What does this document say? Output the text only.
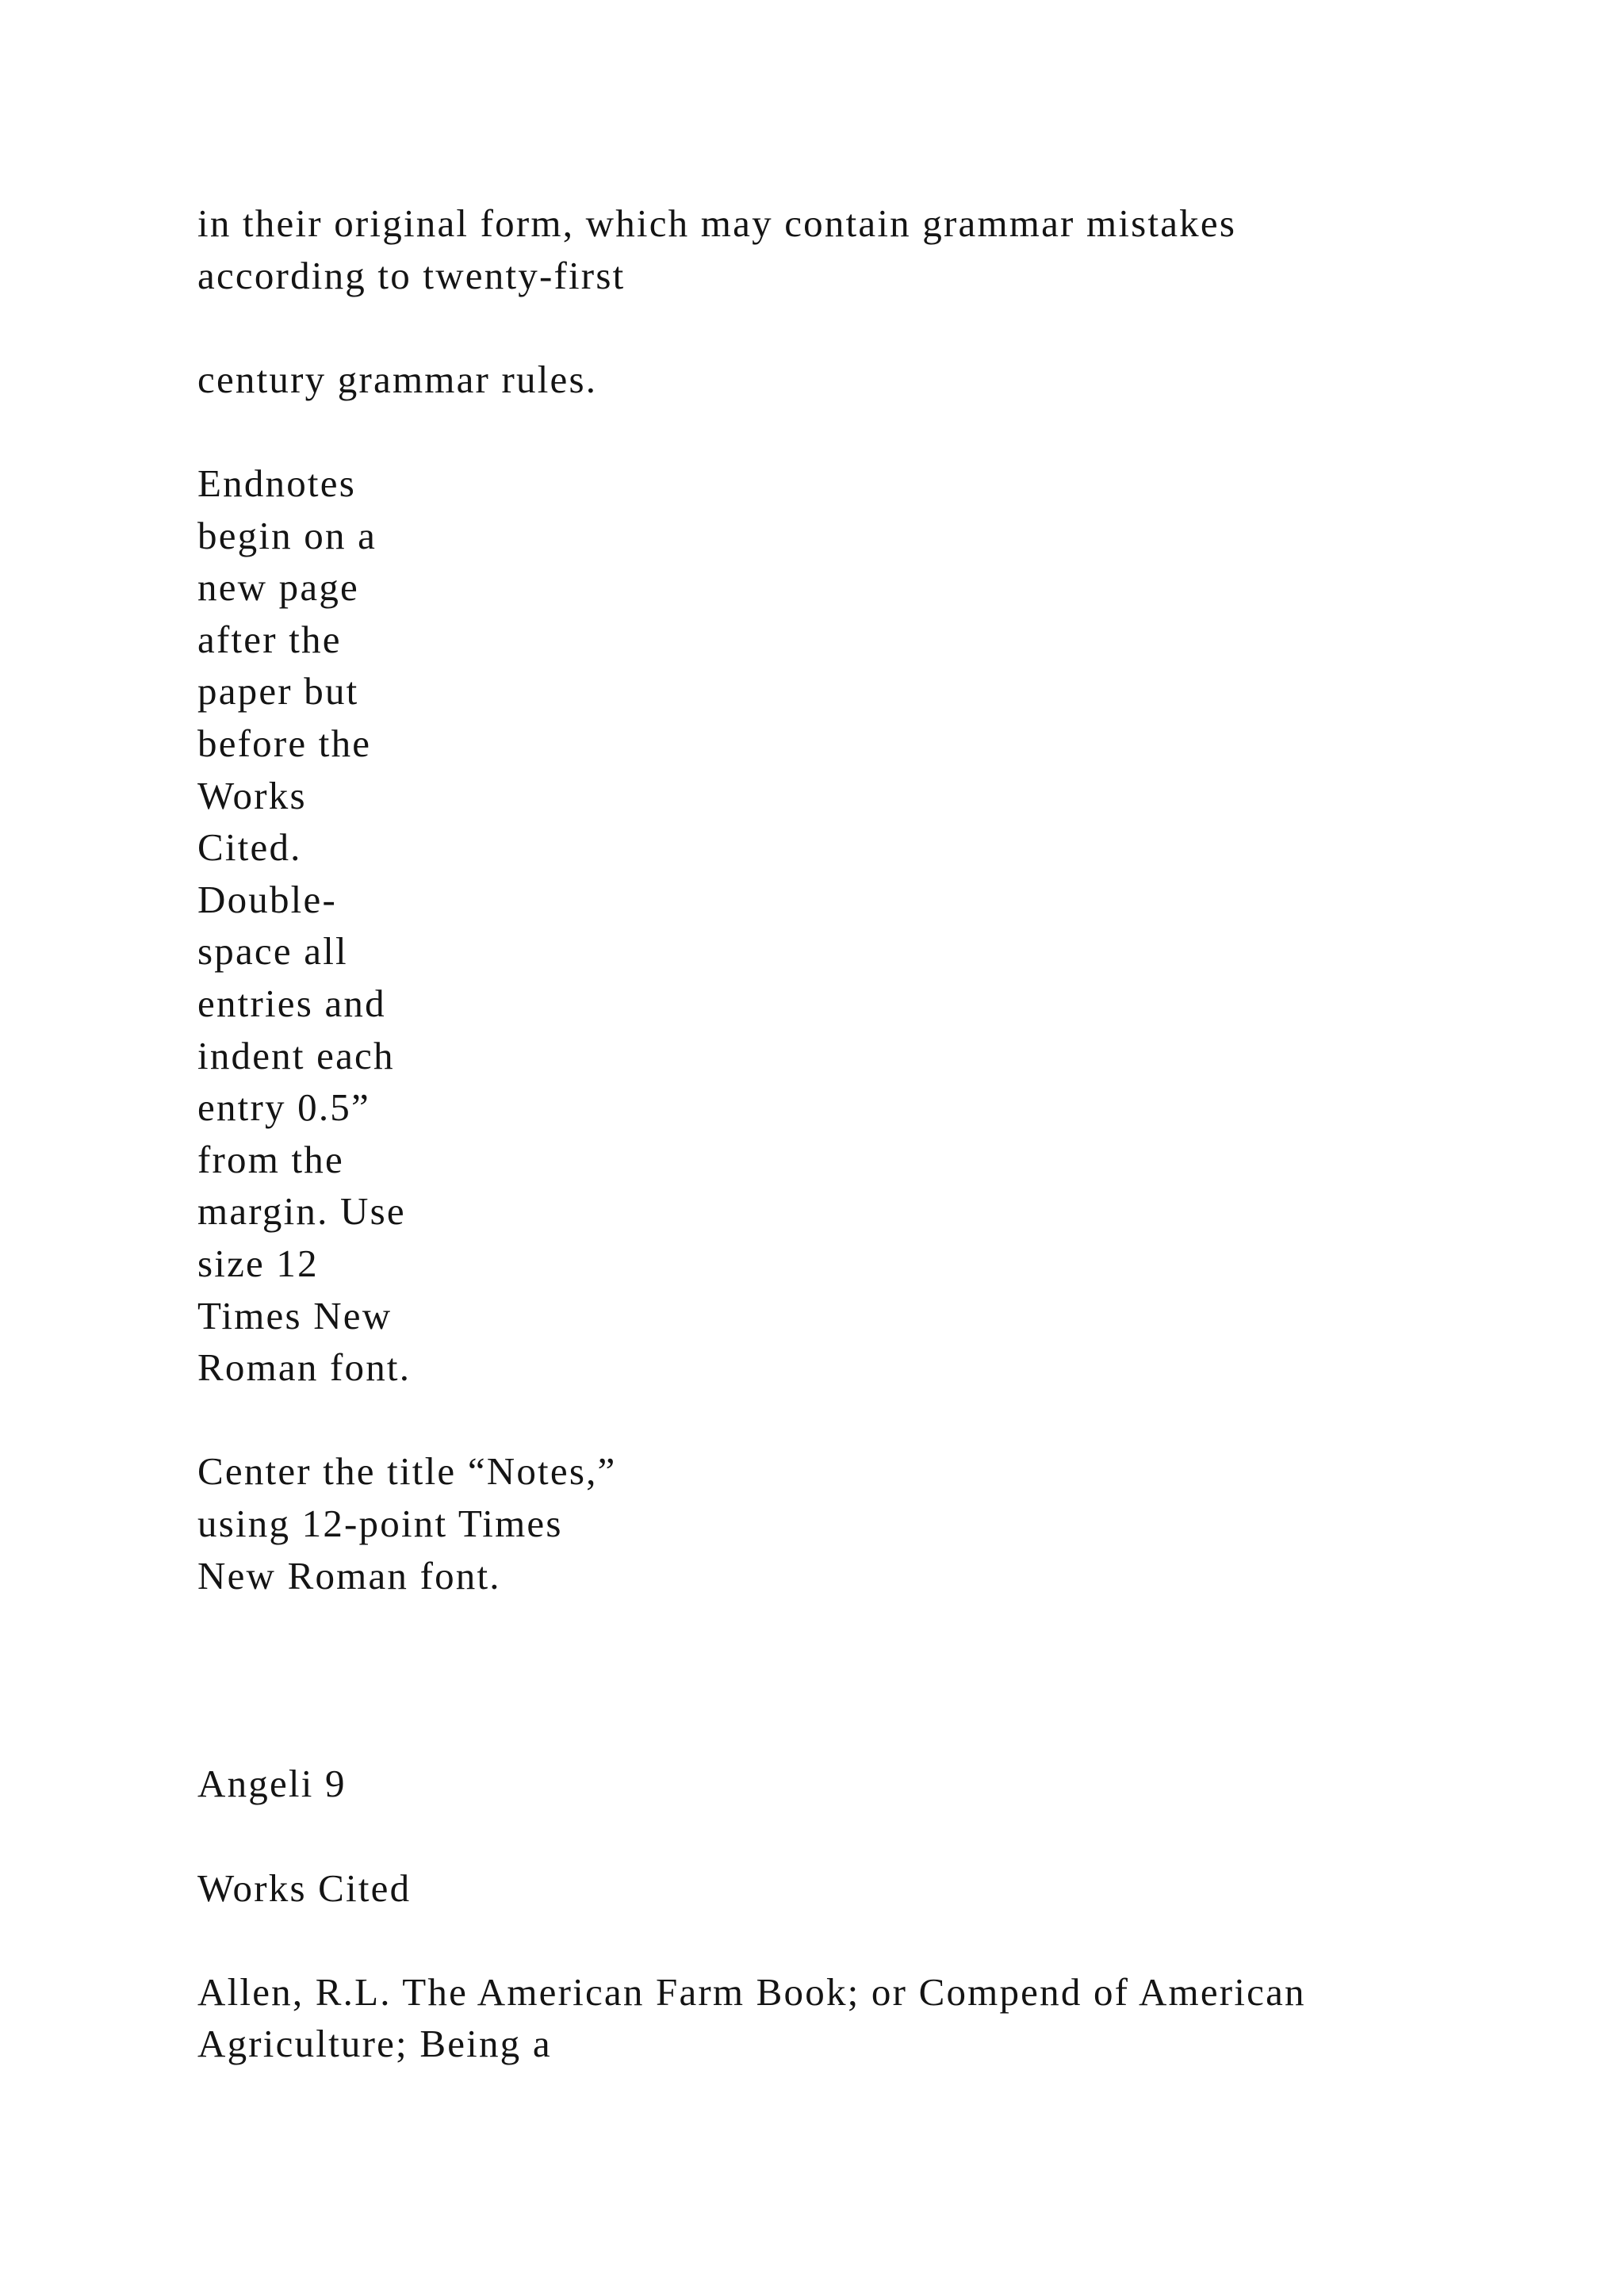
in their original form, which may contain grammar mistakes

according to twenty-first

century grammar rules.

Endnotes

begin on a

new page

after the

paper but

before the

Works

Cited.

Double-

space all

entries and

indent each

entry 0.5”

from the

margin. Use

size 12

Times New

Roman font.

Center the title “Notes,”

using 12-point Times

New Roman font.

Angeli 9

Works Cited

Allen, R.L. The American Farm Book; or Compend of American

Agriculture; Being a
